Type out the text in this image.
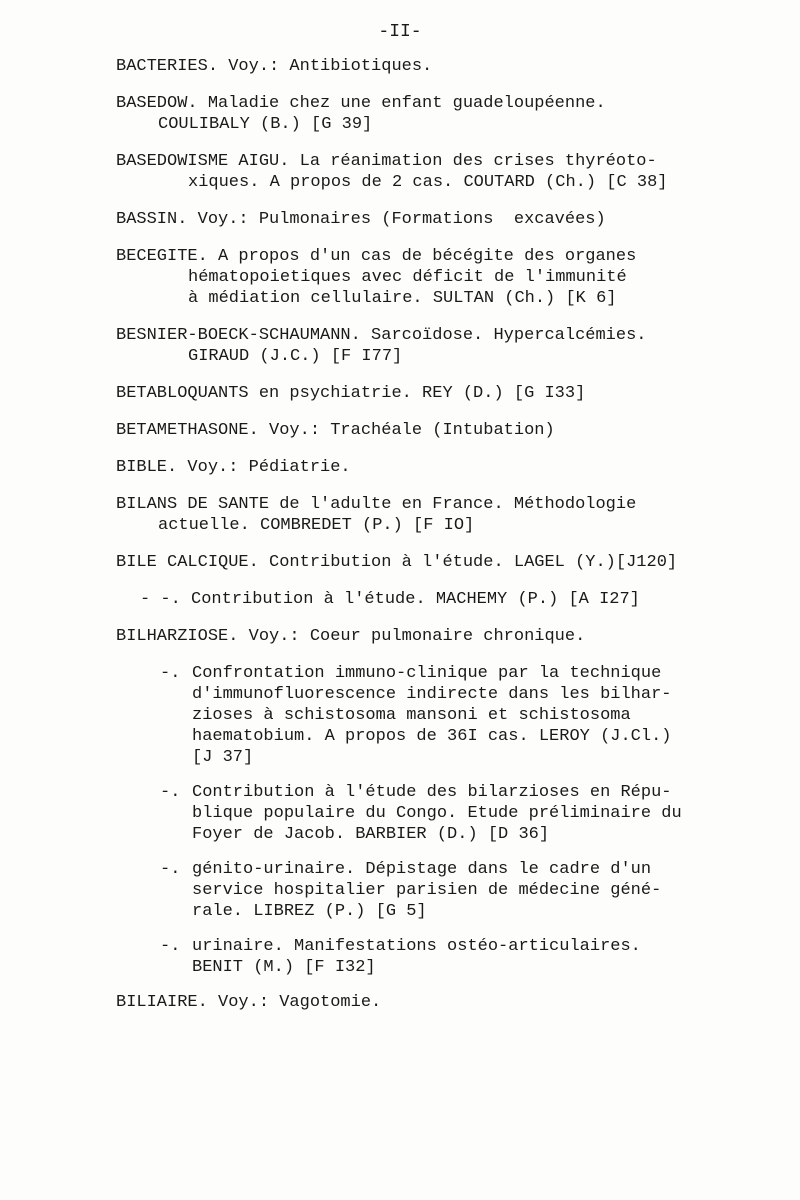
-II-
BACTERIES. Voy.: Antibiotiques.
BASEDOW. Maladie chez une enfant guadeloupéenne.
COULIBALY (B.) [G 39]
BASEDOWISME AIGU. La réanimation des crises thyréoto-
xiques. A propos de 2 cas. COUTARD (Ch.) [C 38]
BASSIN. Voy.: Pulmonaires (Formations  excavées)
BECEGITE. A propos d'un cas de bécégite des organes
hématopoietiques avec déficit de l'immunité
à médiation cellulaire. SULTAN (Ch.) [K 6]
BESNIER-BOECK-SCHAUMANN. Sarcoïdose. Hypercalcémies.
GIRAUD (J.C.) [F I77]
BETABLOQUANTS en psychiatrie. REY (D.) [G I33]
BETAMETHASONE. Voy.: Trachéale (Intubation)
BIBLE. Voy.: Pédiatrie.
BILANS DE SANTE de l'adulte en France. Méthodologie
actuelle. COMBREDET (P.) [F IO]
BILE CALCIQUE. Contribution à l'étude. LAGEL (Y.)[J120]
- -. Contribution à l'étude. MACHEMY (P.) [A I27]
BILHARZIOSE. Voy.: Coeur pulmonaire chronique.
-. Confrontation immuno-clinique par la technique
d'immunofluorescence indirecte dans les bilhar-
zioses à schistosoma mansoni et schistosoma
haematobium. A propos de 36I cas. LEROY (J.Cl.)
[J 37]
-. Contribution à l'étude des bilarzioses en Répu-
blique populaire du Congo. Etude préliminaire du
Foyer de Jacob. BARBIER (D.) [D 36]
-. génito-urinaire. Dépistage dans le cadre d'un
service hospitalier parisien de médecine géné-
rale. LIBREZ (P.) [G 5]
-. urinaire. Manifestations ostéo-articulaires.
BENIT (M.) [F I32]
BILIAIRE. Voy.: Vagotomie.
